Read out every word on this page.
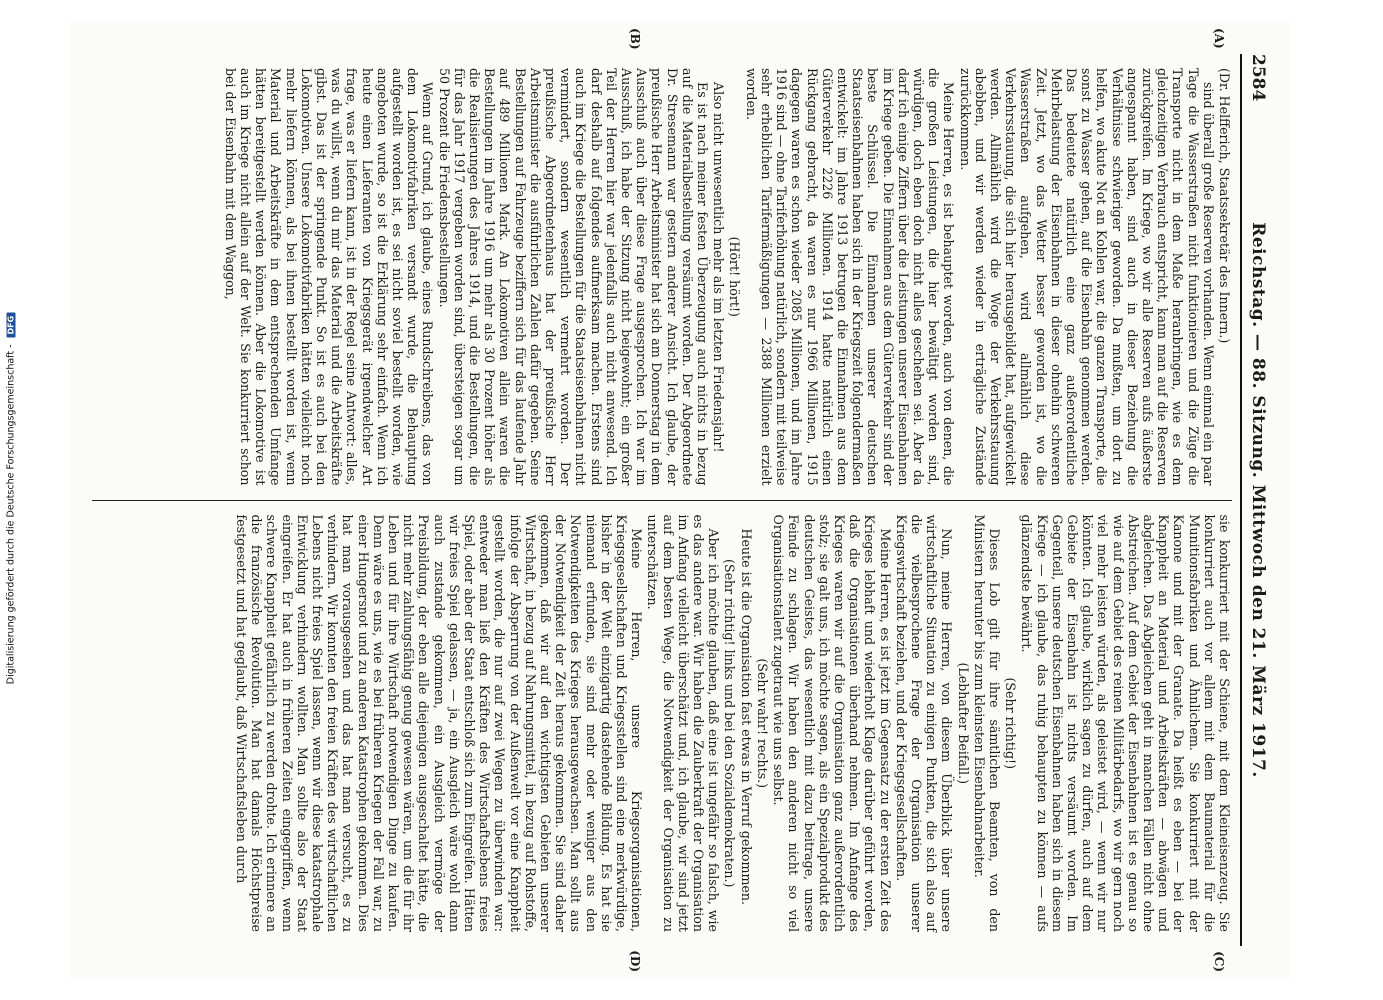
2584
Reichstag. — 88. Sitzung. Mittwoch den 21. März 1917.
(A)
(B)

(Dr. Helfferich, Staatssekretär des Innern.)

sind überall große Reserven vorhanden. Wenn einmal ein paar Tage die Wasserstraßen nicht funktionieren und die Züge die Transporte nicht in dem Maße heranbringen, wie es dem gleichzeitigen Verbrauch entspricht, kann man auf die Reserven zurückgreifen. Im Kriege, wo wir alle Reserven aufs äußerste angespannt haben, sind auch in dieser Beziehung die Verhältnisse schwieriger geworden. Da mußten, um dort zu helfen, wo akute Not an Kohlen war, die ganzen Transporte, die sonst zu Wasser gehen, auf die Eisenbahn genommen werden. Das bedeutete natürlich eine ganz außerordentliche Mehrbelastung der Eisenbahnen in dieser ohnehin schweren Zeit. Jetzt, wo das Wetter besser geworden ist, wo die Wasserstraßen aufgehen, wird allmählich diese Verkehrsstauung, die sich hier herausgebildet hat, aufgewickelt werden. Allmählich wird die Woge der Verkehrsstauung abebben, und wir werden wieder in erträgliche Zustände zurückkommen.

Meine Herren, es ist behauptet worden, auch von denen, die die großen Leistungen, die hier bewältigt worden sind, würdigen, doch eben doch nicht alles geschehen sei. Aber da darf ich einige Ziffern über die Leistungen unserer Eisenbahnen im Kriege geben. Die Einnahmen aus dem Güterverkehr sind der beste Schlüssel. Die Einnahmen unserer deutschen Staatseisenbahnen haben sich in der Kriegszeit folgendermaßen entwickelt: im Jahre 1913 betrugen die Einnahmen aus dem Güterverkehr 2226 Millionen. 1914 hatte natürlich einen Rückgang gebracht, da waren es nur 1966 Millionen, 1915 dagegen waren es schon wieder 2085 Millionen, und im Jahre 1916 sind — ohne Tariferhöhung natürlich, sondern mit teilweise sehr erheblichen Tarifermäßigungen — 2388 Millionen erzielt worden.

(Hört! hört!)

Also nicht unwesentlich mehr als im letzten Friedensjahr!

Es ist nach meiner festen Überzeugung auch nichts in bezug auf die Materialbestellung versäumt worden. Der Abgeordnete Dr. Stresemann war gestern anderer Ansicht. Ich glaube, der preußische Herr Arbeitsminister hat sich am Donnerstag in dem Ausschuß auch über diese Frage ausgesprochen. Ich war im Ausschuß, ich habe der Sitzung nicht beigewohnt; ein großer Teil der Herren hier war jedenfalls auch nicht anwesend. Ich darf deshalb auf folgendes aufmerksam machen. Erstens sind auch im Kriege die Bestellungen für die Staatseisenbahnen nicht vermindert, sondern wesentlich vermehrt worden. Der preußische Abgeordnetenhaus hat der preußische Herr Arbeitsminister die ausführlichen Zahlen dafür gegeben. Seine Bestellungen auf Fahrzeuge beziffern sich für das laufende Jahr auf 489 Millionen Mark. An Lokomotiven allein waren die Bestellungen im Jahre 1916 um mehr als 30 Prozent höher als die Realisierungen des Jahres 1914, und die Bestellungen, die für das Jahr 1917 vergeben worden sind, übersteigen sogar um 50 Prozent die Friedensbestellungen.

Wenn auf Grund, ich glaube, eines Rundschreibens, das von dem Lokomotivfabriken versandt wurde, die Behauptung aufgestellt worden ist, es sei nicht soviel bestellt worden, wie angeboten wurde, so ist die Erklärung sehr einfach. Wenn ich heute einen Lieferanten von Kriegsgerät irgendwelcher Art frage, was er liefern kann, ist in der Regel seine Antwort: alles, was du willst, wenn du mir das Material und die Arbeitskräfte gibst. Das ist der springende Punkt. So ist es auch bei den Lokomotiven. Unsere Lokomotivfabriken hätten vielleicht noch mehr liefern können, als bei ihnen bestellt worden ist, wenn Material und Arbeitskräfte in dem entsprechenden Umfange hätten bereitgestellt werden können. Aber die Lokomotive ist auch im Kriege nicht allein auf der Welt. Sie konkurriert schon bei der Eisenbahn mit dem Waggon,

(C)
(D)

sie konkurriert mit der Schiene, mit dem Kleineisenzeug. Sie konkurriert auch vor allem mit dem Baumaterial für die Munitionsfabriken und Ähnlichem. Sie konkurriert mit der Kanone und mit der Granate. Da heißt es eben — bei der Knappheit an Material und Arbeitskräften — abwägen und abgleichen. Das Abgleichen geht in manchen Fällen nicht ohne Abstreichen. Auf dem Gebiet der Eisenbahnen ist es genau so wie auf dem Gebiet des reinen Militärbedarfs, wo wir gern noch viel mehr leisten würden, als geleistet wird, — wenn wir nur könnten. Ich glaube, wirklich sagen zu dürfen, auch auf dem Gebiete der Eisenbahn ist nichts versäumt worden. Im Gegenteil, unsere deutschen Eisenbahnen haben sich in diesem Kriege — ich glaube, das ruhig behaupten zu können — aufs glänzendste bewährt.

(Sehr richtig!)

Dieses Lob gilt für ihre sämtlichen Beamten, von den Ministern herunter bis zum kleinsten Eisenbahnarbeiter.

(Lebhafter Beifall.)

Nun, meine Herren, von diesem Überblick über unsere wirtschaftliche Situation zu einigen Punkten, die sich also auf die vielbesprochene Frage der Organisation unserer Kriegswirtschaft beziehen, und der Kriegsgesellschaften.

Meine Herren, es ist jetzt im Gegensatz zu der ersten Zeit des Krieges lebhaft und wiederholt Klage darüber geführt worden, daß die Organisationen überhand nehmen. Im Anfange des Krieges waren wir auf die Organisation ganz außerordentlich stolz; sie galt uns, ich möchte sagen, als ein Spezialprodukt des deutschen Geistes, das wesentlich mit dazu beitrage, unsere Feinde zu schlagen. Wir haben den anderen nicht so viel Organisationstalent zugetraut wie uns selbst.

(Sehr wahr! rechts.)

Heute ist die Organisation fast etwas in Verruf gekommen.

(Sehr richtig! links und bei den Sozialdemokraten.)

Aber ich möchte glauben, daß eine ist ungefähr so falsch, wie es das andere war. Wir haben die Zauberkraft der Organisation im Anfang vielleicht überschätzt und, ich glaube, wir sind jetzt auf dem besten Wege, die Notwendigkeit der Organisation zu unterschätzen.

Meine Herren, unsere Kriegsorganisationen, Kriegsgesellschaften und Kriegsstellen sind eine merkwürdige, bisher in der Welt einzigartig dastehende Bildung. Es hat sie niemand erfunden, sie sind mehr oder weniger aus den Notwendigkeiten des Krieges herausgewachsen. Man sollt aus der Notwendigkeit der Zeit heraus gekommen. Sie sind daher gekommen, daß wir auf den wichtigsten Gebieten unserer Wirtschaft, in bezug auf Nahrungsmittel, in bezug auf Rohstoffe, infolge der Absperrung von der Außenwelt vor eine Knappheit gestellt worden, die nur auf zwei Wegen zu überwinden war: entweder man ließ den Kräften des Wirtschaftslebens freies Spiel, oder aber der Staat entschloß sich zum Eingreifen. Hätten wir freies Spiel gelassen, — ja, ein Ausgleich wäre wohl dann auch zustande gekommen, ein Ausgleich vermöge der Preisbildung, der eben alle diejenigen ausgeschaltet hätte, die nicht mehr zahlungsfähig genug gewesen wären, um die für ihr Leben und für ihre Wirtschaft notwendigen Dinge zu kaufen. Denn wäre es uns, wie es bei früheren Kriegen der Fall war, zu einer Hungersnot und zu anderen Katastrophen gekommen. Dies hat man vorausgesehen und das hat man versucht, es zu verhindern. Wir konnten den freien Kräften des wirtschaftlichen Lebens nicht freies Spiel lassen, wenn wir diese katastrophale Entwicklung verhindern wollten. Man sollte also der Staat eingreifen. Er hat auch in früheren Zeiten eingegriffen, wenn schwere Knappheit gefährlich zu werden drohte. Ich erinnere an die französische Revolution. Man hat damals Höchstpreise festgesetzt und hat geglaubt, daß Wirtschaftsleben durch

Digitalisierung gefördert durch die Deutsche Forschungsgemeinschaft - DFG
